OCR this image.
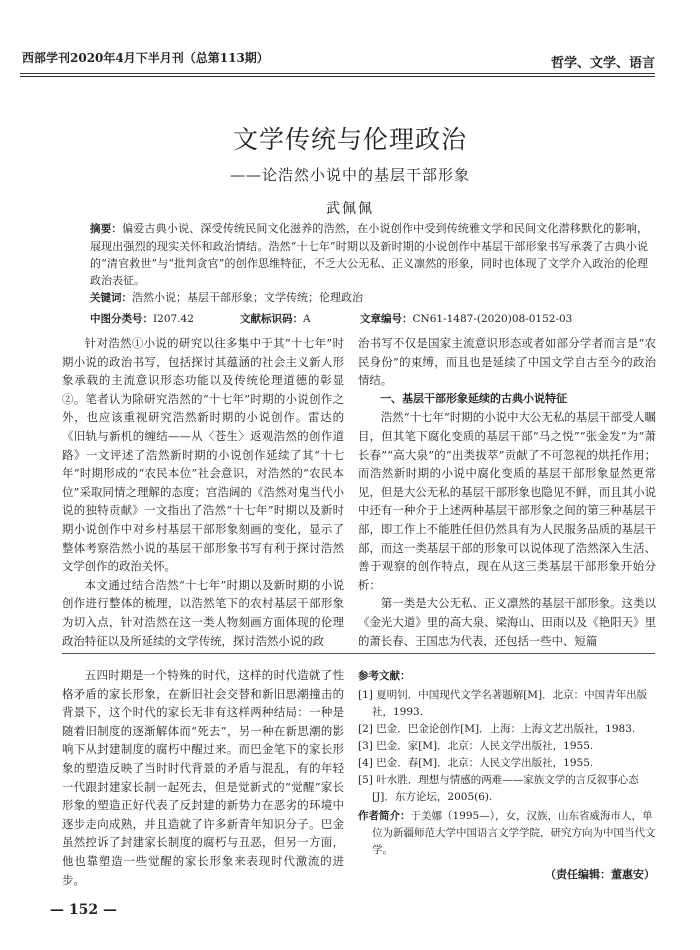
西部学刊2020年4月下半月刊（总第113期）	哲学、文学、语言
文学传统与伦理政治
——论浩然小说中的基层干部形象
武佩佩
摘要：偏爱古典小说、深受传统民间文化滋养的浩然，在小说创作中受到传统雅文学和民间文化潜移默化的影响，展现出强烈的现实关怀和政治情结。浩然“十七年”时期以及新时期的小说创作中基层干部形象书写承袭了古典小说的“清官救世”与“批判贪官”的创作思维特征，不乏大公无私、正义凛然的形象，同时也体现了文学介入政治的伦理政治表征。
关键词：浩然小说；基层干部形象；文学传统；伦理政治
中图分类号：I207.42	文献标识码：A	文章编号：CN61-1487-(2020)08-0152-03

针对浩然①小说的研究以往多集中于其“十七年”时期小说的政治书写，包括探讨其蕴涵的社会主义新人形象承载的主流意识形态功能以及传统伦理道德的彰显②。笔者认为除研究浩然的“十七年”时期的小说创作之外，也应该重视研究浩然新时期的小说创作。雷达的《旧轨与新机的缠结——从〈苍生〉返观浩然的创作道路》一文评述了浩然新时期的小说创作延续了其“十七年”时期形成的“农民本位”社会意识，对浩然的“农民本位”采取同情之理解的态度；宫浩阔的《浩然对鬼当代小说的独特贡献》一文指出了浩然“十七年”时期以及新时期小说创作中对乡村基层干部形象刻画的变化，显示了整体考察浩然小说的基层干部形象书写有利于探讨浩然文学创作的政治关怀。

本文通过结合浩然“十七年”时期以及新时期的小说创作进行整体的梳理，以浩然笔下的农村基层干部形象为切入点，针对浩然在这一类人物刻画方面体现的伦理政治特征以及所延续的文学传统，探讨浩然小说的政

治书写不仅是国家主流意识形态或者如部分学者而言是“农民身份”的束缚，而且也是延续了中国文学自古至今的政治情结。

一、基层干部形象延续的古典小说特征

浩然“十七年”时期的小说中大公无私的基层干部受人瞩目，但其笔下腐化变质的基层干部“马之悦”“张金发”为“萧长春”“高大泉”的“出类拔萃”贡献了不可忽视的烘托作用；而浩然新时期的小说中腐化变质的基层干部形象显然更常见，但是大公无私的基层干部形象也隐见不鲜，而且其小说中还有一种介于上述两种基层干部形象之间的第三种基层干部，即工作上不能胜任但仍然具有为人民服务品质的基层干部，而这一类基层干部的形象可以说体现了浩然深入生活、善于观察的创作特点，现在从这三类基层干部形象开始分析：

第一类是大公无私、正义凛然的基层干部形象。这类以《金光大道》里的高大泉、梁海山、田雨以及《艳阳天》里的萧长春、王国忠为代表，还包括一些中、短篇

五四时期是一个特殊的时代，这样的时代造就了性格矛盾的家长形象，在新旧社会交替和新旧思潮撞击的背景下，这个时代的家长无非有这样两种结局：一种是随着旧制度的逐渐解体而“死去”，另一种在新思潮的影响下从封建制度的腐朽中醒过来。而巴金笔下的家长形象的塑造反映了当时时代背景的矛盾与混乱，有的年轻一代跟封建家长制一起死去，但是觉新式的“觉醒”家长形象的塑造正好代表了反封建的新势力在恶劣的环境中逐步走向成熟，并且造就了许多新青年知识分子。巴金虽然控诉了封建家长制度的腐朽与丑恶，但另一方面，他也靠塑造一些觉醒的家长形象来表现时代激流的进步。

参考文献：
[1] 夏明钊．中国现代文学名著题解[M]．北京：中国青年出版社，1993.
[2] 巴金．巴金论创作[M]．上海：上海文艺出版社，1983.
[3] 巴金．家[M]．北京：人民文学出版社，1955.
[4] 巴金．春[M]．北京：人民文学出版社，1955.
[5] 叶水胜．理想与情感的两难——家族文学的言反叙事心态[J]．东方论坛，2005(6).
作者简介：于美娜（1995—），女，汉族，山东省威海市人，单位为新疆师范大学中国语言文学学院，研究方向为中国当代文学。
（责任编辑：董惠安）
— 152 —
